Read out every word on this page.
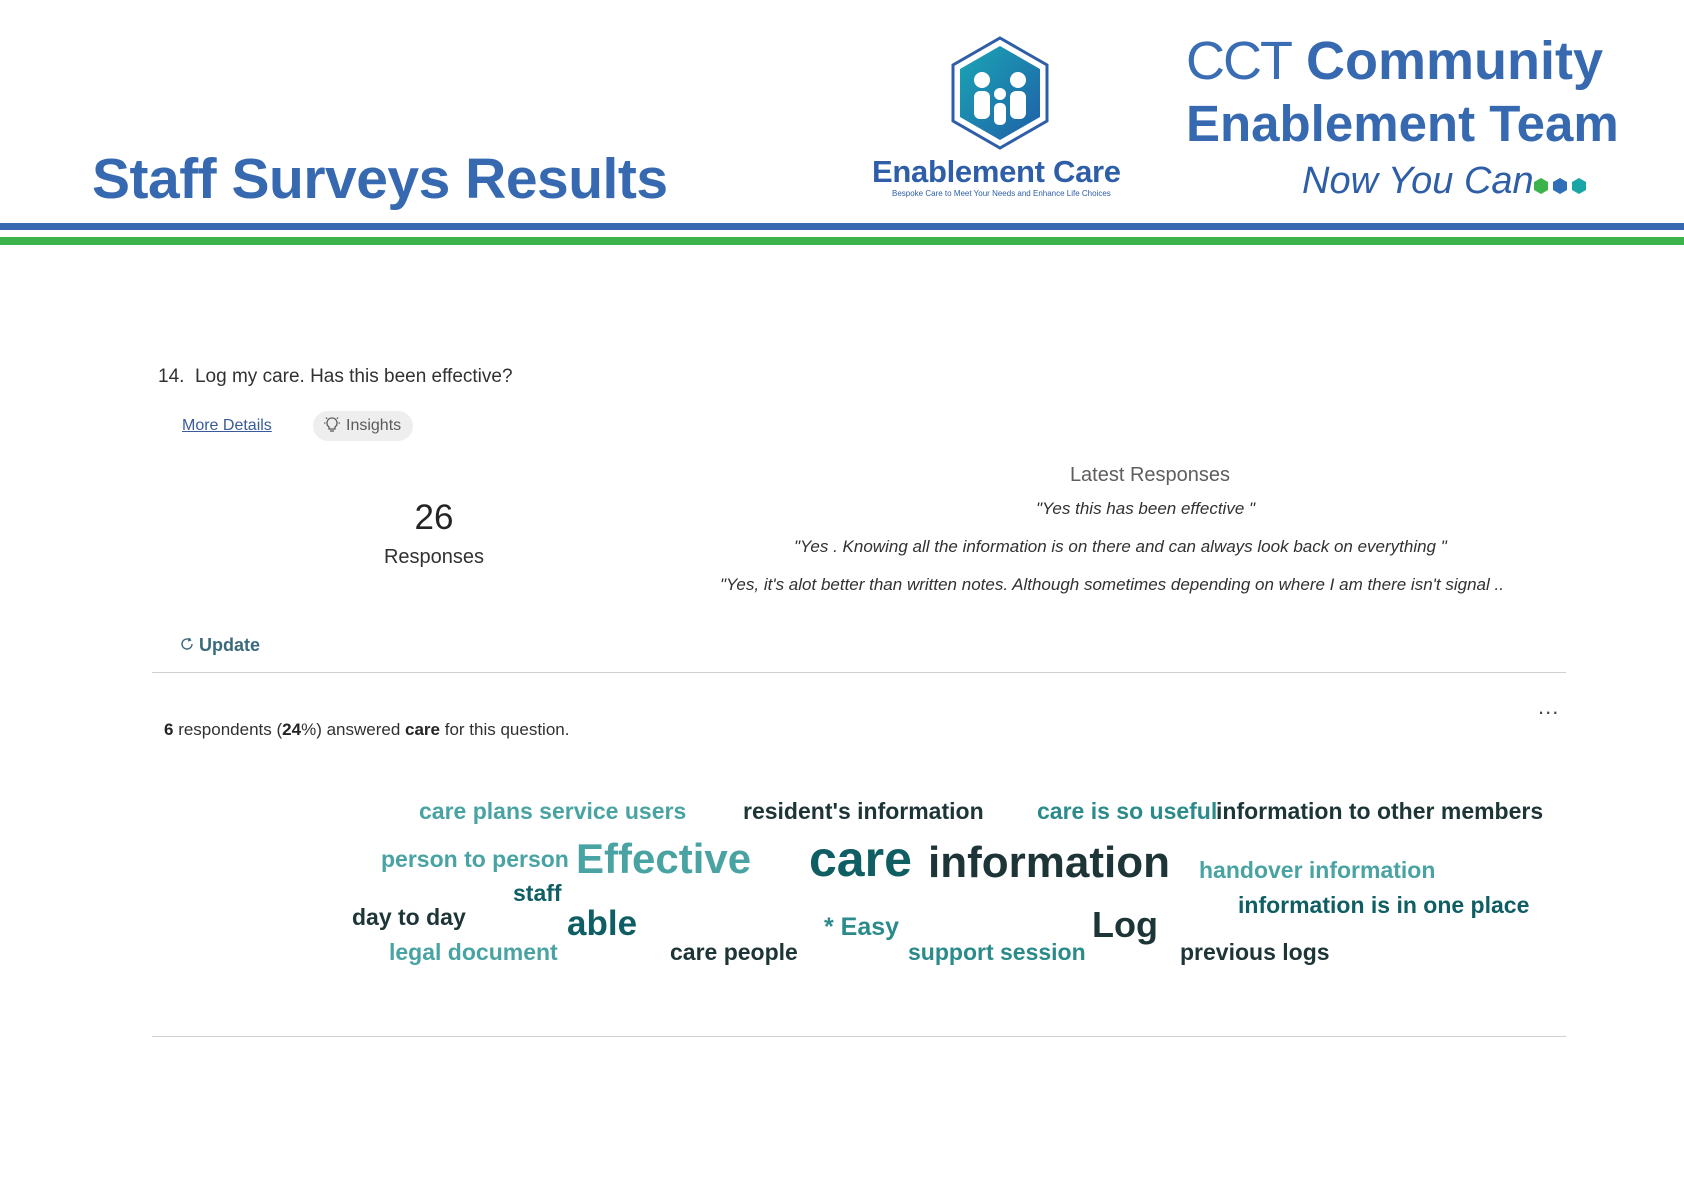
Staff Surveys Results	Enablement Care
Bespoke Care to Meet Your Needs and Enhance Life Choices
CCT Community
Enablement Team
Now You Can
14. Log my care. Has this been effective?
More Details	Insights
26
Responses
Latest Responses
"Yes this has been effective "
"Yes . Knowing all the information is on there and can always look back on everything "
"Yes, it's alot better than written notes. Although sometimes depending on where I am there isn't signal ..
Update
...
6 respondents (24%) answered care for this question.
care plans service users resident's information care is so useful
information to other members
person to person Effective care information handover information
staff
day to day	able	* Easy	Log	information is in one place
legal document	care people	support session	previous logs
